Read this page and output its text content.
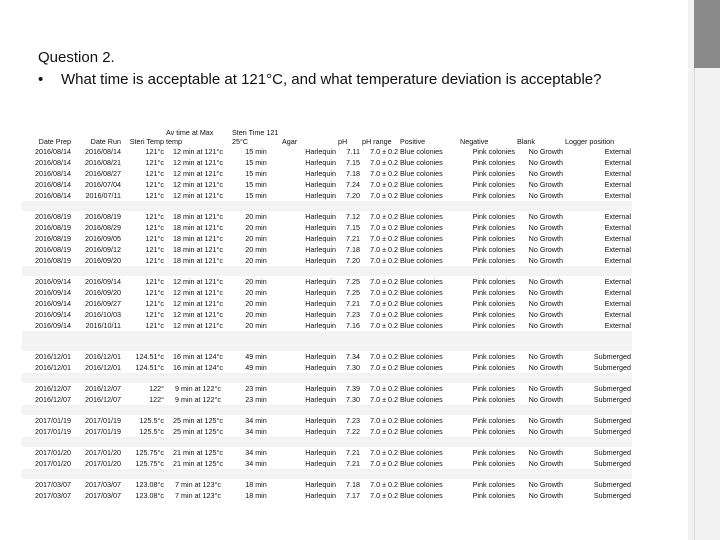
Question 2.
• What time is acceptable at 121°C, and what temperature deviation is acceptable?
Date Prep	Date Run	Steri Temp	Av time at Max temp	Steri Time 121 25°C	Agar	pH	pH range	Positive	Negative	Blank	Logger position
2016/08/14	2016/08/14	121°c	12 min at 121°c	15 min	Harlequin	7.11	7.0 ± 0.2	Blue colonies	Pink colonies	No Growth	External
2016/08/14	2016/08/21	121°c	12 min at 121°c	15 min	Harlequin	7.15	7.0 ± 0.2	Blue colonies	Pink colonies	No Growth	External
2016/08/14	2016/08/27	121°c	12 min at 121°c	15 min	Harlequin	7.18	7.0 ± 0.2	Blue colonies	Pink colonies	No Growth	External
2016/08/14	2016/07/04	121°c	12 min at 121°c	15 min	Harlequin	7.24	7.0 ± 0.2	Blue colonies	Pink colonies	No Growth	External
2016/08/14	2016/07/11	121°c	12 min at 121°c	15 min	Harlequin	7.20	7.0 ± 0.2	Blue colonies	Pink colonies	No Growth	External

2016/08/19	2016/08/19	121°c	18 min at 121°c	20 min	Harlequin	7.12	7.0 ± 0.2	Blue colonies	Pink colonies	No Growth	External
2016/08/19	2016/08/29	121°c	18 min at 121°c	20 min	Harlequin	7.15	7.0 ± 0.2	Blue colonies	Pink colonies	No Growth	External
2016/08/19	2016/09/05	121°c	18 min at 121°c	20 min	Harlequin	7.21	7.0 ± 0.2	Blue colonies	Pink colonies	No Growth	External
2016/08/19	2016/09/12	121°c	18 min at 121°c	20 min	Harlequin	7.18	7.0 ± 0.2	Blue colonies	Pink colonies	No Growth	External
2016/08/19	2016/09/20	121°c	18 min at 121°c	20 min	Harlequin	7.20	7.0 ± 0.2	Blue colonies	Pink colonies	No Growth	External

2016/09/14	2016/09/14	121°c	12 min at 121°c	20 min	Harlequin	7.25	7.0 ± 0.2	Blue colonies	Pink colonies	No Growth	External
2016/09/14	2016/09/20	121°c	12 min at 121°c	20 min	Harlequin	7.25	7.0 ± 0.2	Blue colonies	Pink colonies	No Growth	External
2016/09/14	2016/09/27	121°c	12 min at 121°c	20 min	Harlequin	7.21	7.0 ± 0.2	Blue colonies	Pink colonies	No Growth	External
2016/09/14	2016/10/03	121°c	12 min at 121°c	20 min	Harlequin	7.23	7.0 ± 0.2	Blue colonies	Pink colonies	No Growth	External
2016/09/14	2016/10/11	121°c	12 min at 121°c	20 min	Harlequin	7.16	7.0 ± 0.2	Blue colonies	Pink colonies	No Growth	External

2016/12/01	2016/12/01	124.51°c	16 min at 124°c	49 min	Harlequin	7.34	7.0 ± 0.2	Blue colonies	Pink colonies	No Growth	Submerged
2016/12/01	2016/12/01	124.51°c	16 min at 124°c	49 min	Harlequin	7.30	7.0 ± 0.2	Blue colonies	Pink colonies	No Growth	Submerged

2016/12/07	2016/12/07	122°	9 min at 122°c	23 min	Harlequin	7.39	7.0 ± 0.2	Blue colonies	Pink colonies	No Growth	Submerged
2016/12/07	2016/12/07	122°	9 min at 122°c	23 min	Harlequin	7.30	7.0 ± 0.2	Blue colonies	Pink colonies	No Growth	Submerged

2017/01/19	2017/01/19	125.5°c	25 min at 125°c	34 min	Harlequin	7.23	7.0 ± 0.2	Blue colonies	Pink colonies	No Growth	Submerged
2017/01/19	2017/01/19	125.5°c	25 min at 125°c	34 min	Harlequin	7.22	7.0 ± 0.2	Blue colonies	Pink colonies	No Growth	Submerged

2017/01/20	2017/01/20	125.75°c	21 min at 125°c	34 min	Harlequin	7.21	7.0 ± 0.2	Blue colonies	Pink colonies	No Growth	Submerged
2017/01/20	2017/01/20	125.75°c	21 min at 125°c	34 min	Harlequin	7.21	7.0 ± 0.2	Blue colonies	Pink colonies	No Growth	Submerged

2017/03/07	2017/03/07	123.08°c	7 min at 123°c	18 min	Harlequin	7.18	7.0 ± 0.2	Blue colonies	Pink colonies	No Growth	Submerged
2017/03/07	2017/03/07	123.08°c	7 min at 123°c	18 min	Harlequin	7.17	7.0 ± 0.2	Blue colonies	Pink colonies	No Growth	Submerged
